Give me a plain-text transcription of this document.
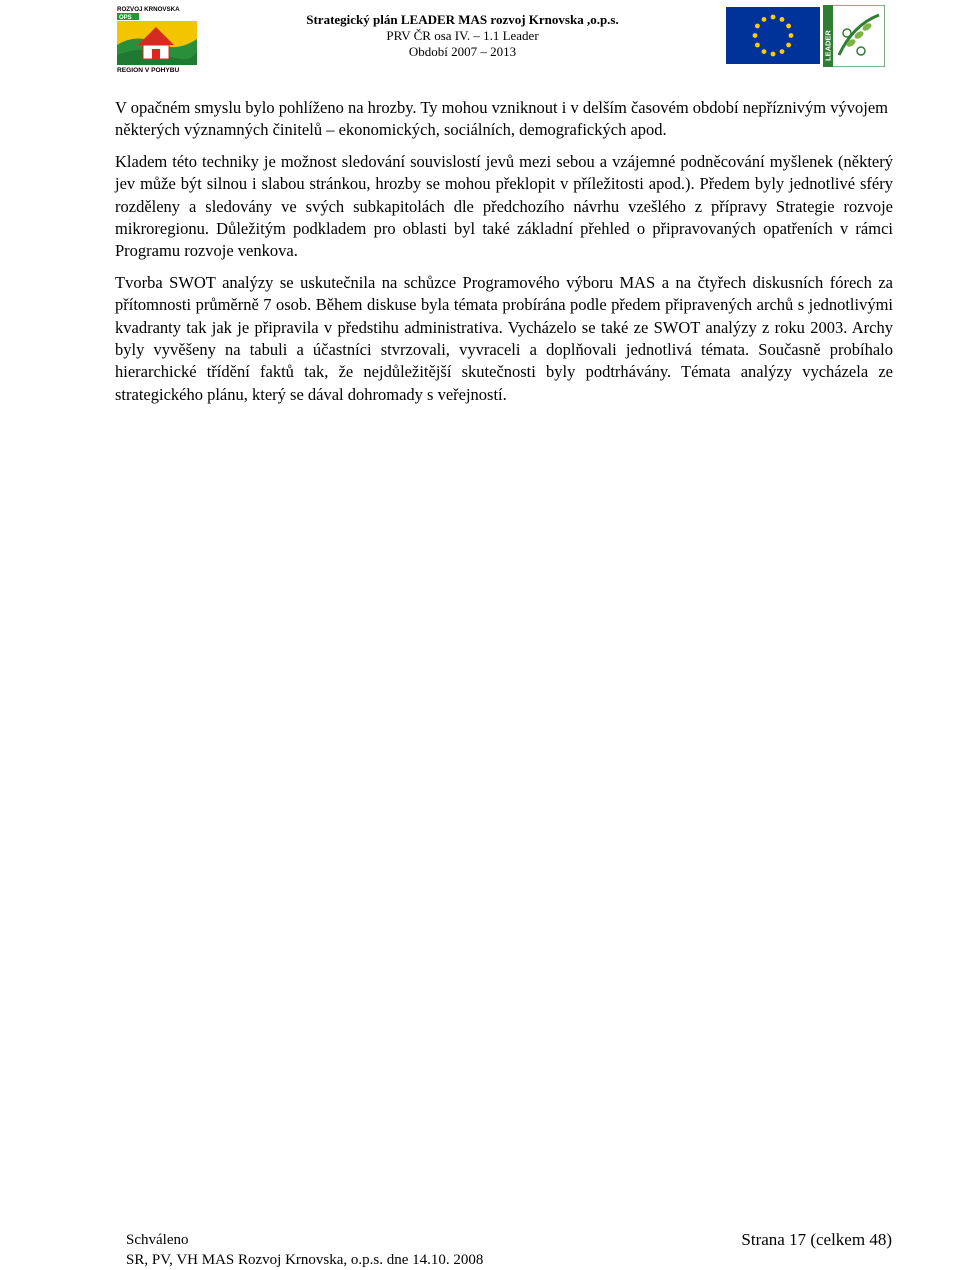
ROZVOJ KRNOVSKA
OPS
REGION V POHYBU
Strategický plán LEADER MAS rozvoj Krnovska ,o.p.s.
PRV ČR osa IV. – 1.1 Leader
Období 2007 – 2013	LEADER

V opačném smyslu bylo pohlíženo na hrozby. Ty mohou vzniknout i v delším časovém období nepříznivým vývojem některých významných činitelů – ekonomických, sociálních, demografických apod.

Kladem této techniky je možnost sledování souvislostí jevů mezi sebou a vzájemné podněcování myšlenek (některý jev může být silnou i slabou stránkou, hrozby se mohou překlopit v příležitosti apod.). Předem byly jednotlivé sféry rozděleny a sledovány ve svých subkapitolách dle předchozího návrhu vzešlého z přípravy Strategie rozvoje mikroregionu. Důležitým podkladem pro oblasti byl také základní přehled o připravovaných opatřeních v rámci Programu rozvoje venkova.

Tvorba SWOT analýzy se uskutečnila na schůzce Programového výboru MAS a na čtyřech diskusních fórech za přítomnosti průměrně 7 osob. Během diskuse byla témata probírána podle předem připravených archů s jednotlivými kvadranty tak jak je připravila v předstihu administrativa. Vycházelo se také ze SWOT analýzy z roku 2003. Archy byly vyvěšeny na tabuli a účastníci stvrzovali, vyvraceli a doplňovali jednotlivá témata. Současně probíhalo hierarchické třídění faktů tak, že nejdůležitější skutečnosti byly podtrhávány. Témata analýzy vycházela ze strategického plánu, který se dával dohromady s veřejností.

Schváleno
SR, PV, VH MAS Rozvoj Krnovska, o.p.s. dne 14.10. 2008
Strana 17 (celkem 48)
